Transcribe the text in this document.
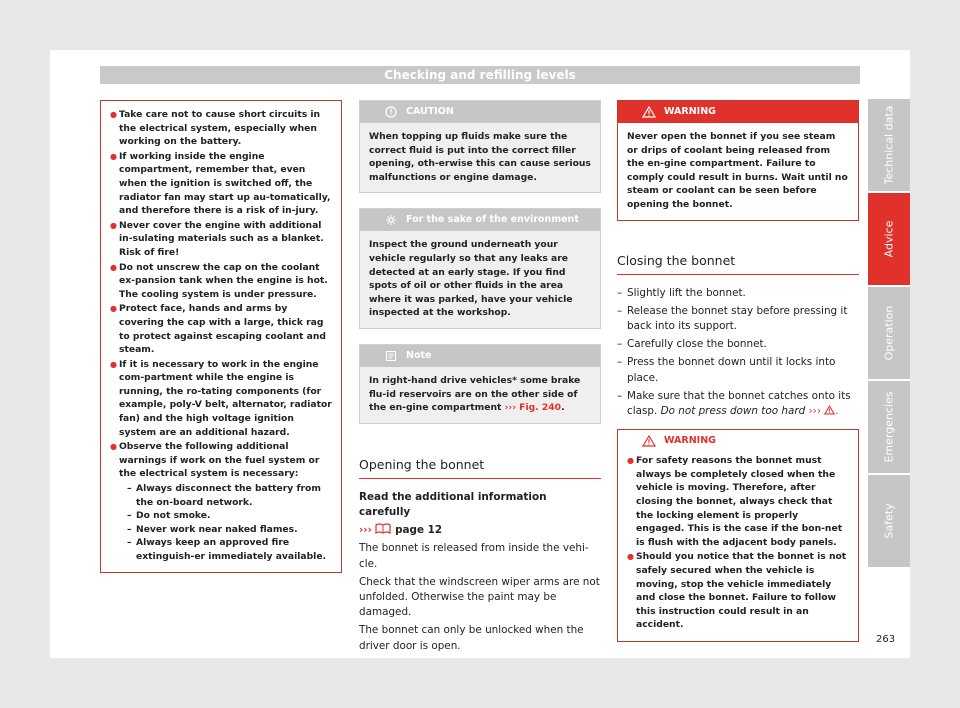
Checking and refilling levels
● Take care not to cause short circuits in the electrical system, especially when working on the battery.
● If working inside the engine compartment, remember that, even when the ignition is switched off, the radiator fan may start up au-tomatically, and therefore there is a risk of in-jury.
● Never cover the engine with additional in-sulating materials such as a blanket. Risk of fire!
● Do not unscrew the cap on the coolant ex-pansion tank when the engine is hot. The cooling system is under pressure.
● Protect face, hands and arms by covering the cap with a large, thick rag to protect against escaping coolant and steam.
● If it is necessary to work in the engine com-partment while the engine is running, the ro-tating components (for example, poly-V belt, alternator, radiator fan) and the high voltage ignition system are an additional hazard.
● Observe the following additional warnings if work on the fuel system or the electrical system is necessary:
– Always disconnect the battery from the on-board network.
– Do not smoke.
– Never work near naked flames.
– Always keep an approved fire extinguish-er immediately available.
CAUTION
When topping up fluids make sure the correct fluid is put into the correct filler opening, oth-erwise this can cause serious malfunctions or engine damage.
For the sake of the environment
Inspect the ground underneath your vehicle regularly so that any leaks are detected at an early stage. If you find spots of oil or other fluids in the area where it was parked, have your vehicle inspected at the workshop.
Note
In right-hand drive vehicles* some brake flu-id reservoirs are on the other side of the en-gine compartment ››› Fig. 240.
Opening the bonnet
Read the additional information carefully
››› page 12
The bonnet is released from inside the vehi-cle.
Check that the windscreen wiper arms are not unfolded. Otherwise the paint may be damaged.
The bonnet can only be unlocked when the driver door is open.
WARNING
Never open the bonnet if you see steam or drips of coolant being released from the en-gine compartment. Failure to comply could result in burns. Wait until no steam or coolant can be seen before opening the bonnet.
Closing the bonnet
– Slightly lift the bonnet.
– Release the bonnet stay before pressing it back into its support.
– Carefully close the bonnet.
– Press the bonnet down until it locks into place.
– Make sure that the bonnet catches onto its clasp. Do not press down too hard ››› .
WARNING
● For safety reasons the bonnet must always be completely closed when the vehicle is moving. Therefore, after closing the bonnet, always check that the locking element is properly engaged. This is the case if the bon-net is flush with the adjacent body panels.
● Should you notice that the bonnet is not safely secured when the vehicle is moving, stop the vehicle immediately and close the bonnet. Failure to follow this instruction could result in an accident.
Technical data
Advice
Operation
Emergencies
Safety
263
